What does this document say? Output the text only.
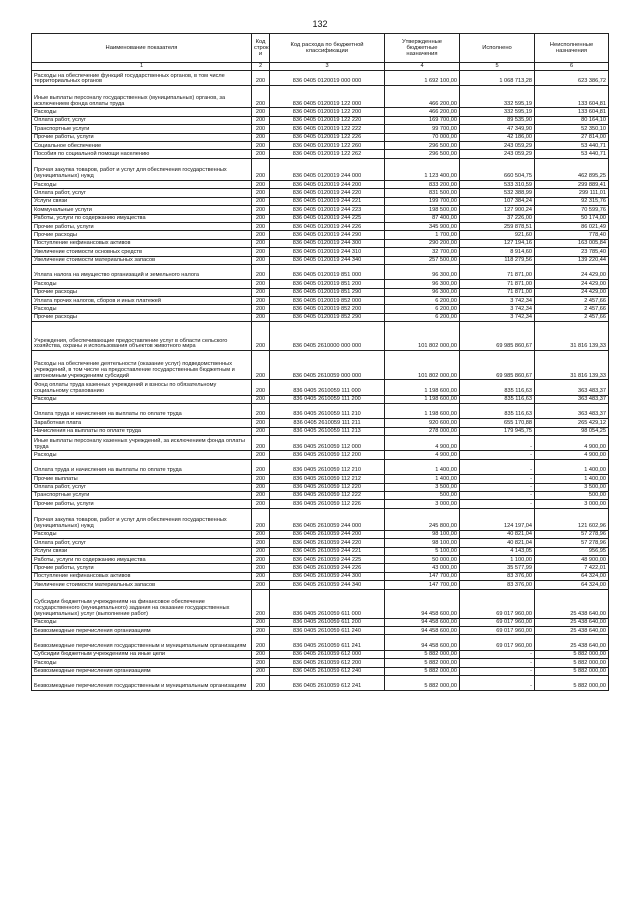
132
Наименование показателя	Код
строк
и	Код расхода по бюджетной классификации	Утвержденные
бюджетные
назначения	Исполнено	Неисполненные
назначения
1	2	3	4	5	6
Расходы на обеспечение функций государственных органов, в том числе территориальных органов	200	836 0405 0120019 000 000	1 692 100,00	1 068 713,28	623 386,72
Иные выплаты персоналу государственных (муниципальных) органов, за исключением фонда оплаты труда	200	836 0405 0120019 122 000	466 200,00	332 595,19	133 604,81
Расходы	200	836 0405 0120019 122 200	466 200,00	332 595,19	133 604,81
Оплата работ, услуг	200	836 0405 0120019 122 220	169 700,00	89 535,90	80 164,10
Транспортные услуги	200	836 0405 0120019 122 222	99 700,00	47 349,90	52 350,10
Прочие работы, услуги	200	836 0405 0120019 122 226	70 000,00	42 186,00	27 814,00
Социальное обеспечение	200	836 0405 0120019 122 260	296 500,00	243 059,29	53 440,71
Пособия по социальной помощи населению	200	836 0405 0120019 122 262	296 500,00	243 059,29	53 440,71
Прочая закупка товаров, работ и услуг для обеспечения государственных (муниципальных) нужд	200	836 0405 0120019 244 000	1 123 400,00	660 504,75	462 895,25
Расходы	200	836 0405 0120019 244 200	833 200,00	533 310,59	299 889,41
Оплата работ, услуг	200	836 0405 0120019 244 220	831 500,00	532 388,99	299 111,01
Услуги связи	200	836 0405 0120019 244 221	199 700,00	107 384,24	92 315,76
Коммунальные услуги	200	836 0405 0120019 244 223	198 500,00	127 900,24	70 599,76
Работы, услуги по содержанию имущества	200	836 0405 0120019 244 225	87 400,00	37 226,00	50 174,00
Прочие работы, услуги	200	836 0405 0120019 244 226	345 900,00	259 878,51	86 021,49
Прочие расходы	200	836 0405 0120019 244 290	1 700,00	921,60	778,40
Поступление нефинансовых активов	200	836 0405 0120019 244 300	290 200,00	127 194,16	163 005,84
Увеличение стоимости основных средств	200	836 0405 0120019 244 310	32 700,00	8 914,60	23 785,40
Увеличение стоимости материальных запасов	200	836 0405 0120019 244 340	257 500,00	118 279,56	139 220,44
Уплата налога на имущество организаций и земельного налога	200	836 0405 0120019 851 000	96 300,00	71 871,00	24 429,00
Расходы	200	836 0405 0120019 851 200	96 300,00	71 871,00	24 429,00
Прочие расходы	200	836 0405 0120019 851 290	96 300,00	71 871,00	24 429,00
Уплата прочих налогов, сборов и иных платежей	200	836 0405 0120019 852 000	6 200,00	3 742,34	2 457,66
Расходы	200	836 0405 0120019 852 200	6 200,00	3 742,34	2 457,66
Прочие расходы	200	836 0405 0120019 852 290	6 200,00	3 742,34	2 457,66
Учреждения, обеспечивающие предоставление услуг в области сельского хозяйства, охраны и использования объектов животного мира	200	836 0405 2610000 000 000	101 802 000,00	69 985 860,67	31 816 139,33
Расходы на обеспечение деятельности (оказание услуг) подведомственных учреждений, в том числе на предоставление государственным бюджетным и автономным учреждениям субсидий	200	836 0405 2610059 000 000	101 802 000,00	69 985 860,67	31 816 139,33
Фонд оплаты труда казенных учреждений и взносы по обязательному социальному страхованию	200	836 0405 2610059 111 000	1 198 600,00	835 116,63	363 483,37
Расходы	200	836 0405 2610059 111 200	1 198 600,00	835 116,63	363 483,37
Оплата труда и начисления на выплаты по оплате труда	200	836 0405 2610059 111 210	1 198 600,00	835 116,63	363 483,37
Заработная плата	200	836 0405 2610059 111 211	920 600,00	655 170,88	265 429,12
Начисления на выплаты по оплате труда	200	836 0405 2610059 111 213	278 000,00	179 945,75	98 054,25
Иные выплаты персоналу казенных учреждений, за исключением фонда оплаты труда	200	836 0405 2610059 112 000	4 900,00	-	4 900,00
Расходы	200	836 0405 2610059 112 200	4 900,00	-	4 900,00
Оплата труда и начисления на выплаты по оплате труда	200	836 0405 2610059 112 210	1 400,00	-	1 400,00
Прочие выплаты	200	836 0405 2610059 112 212	1 400,00	-	1 400,00
Оплата работ, услуг	200	836 0405 2610059 112 220	3 500,00	-	3 500,00
Транспортные услуги	200	836 0405 2610059 112 222	500,00	-	500,00
Прочие работы, услуги	200	836 0405 2610059 112 226	3 000,00	-	3 000,00
Прочая закупка товаров, работ и услуг для обеспечения государственных (муниципальных) нужд	200	836 0405 2610059 244 000	245 800,00	124 197,04	121 602,96
Расходы	200	836 0405 2610059 244 200	98 100,00	40 821,04	57 278,96
Оплата работ, услуг	200	836 0405 2610059 244 220	98 100,00	40 821,04	57 278,96
Услуги связи	200	836 0405 2610059 244 221	5 100,00	4 143,05	956,95
Работы, услуги по содержанию имущества	200	836 0405 2610059 244 225	50 000,00	1 100,00	48 900,00
Прочие работы, услуги	200	836 0405 2610059 244 226	43 000,00	35 577,99	7 422,01
Поступление нефинансовых активов	200	836 0405 2610059 244 300	147 700,00	83 376,00	64 324,00
Увеличение стоимости материальных запасов	200	836 0405 2610059 244 340	147 700,00	83 376,00	64 324,00
Субсидии бюджетным учреждениям на финансовое обеспечение государственного (муниципального) задания на оказание государственных (муниципальных) услуг (выполнение работ)	200	836 0405 2610059 611 000	94 458 600,00	69 017 960,00	25 438 640,00
Расходы	200	836 0405 2610059 611 200	94 458 600,00	69 017 960,00	25 438 640,00
Безвозмездные перечисления организациям	200	836 0405 2610059 611 240	94 458 600,00	69 017 960,00	25 438 640,00
Безвозмездные перечисления государственным и муниципальным организациям	200	836 0405 2610059 611 241	94 458 600,00	69 017 960,00	25 438 640,00
Субсидии бюджетным учреждениям на иные цели	200	836 0405 2610059 612 000	5 882 000,00	-	5 882 000,00
Расходы	200	836 0405 2610059 612 200	5 882 000,00	-	5 882 000,00
Безвозмездные перечисления организациям	200	836 0405 2610059 612 240	5 882 000,00	-	5 882 000,00
Безвозмездные перечисления государственным и муниципальным организациям	200	836 0405 2610059 612 241	5 882 000,00	-	5 882 000,00
